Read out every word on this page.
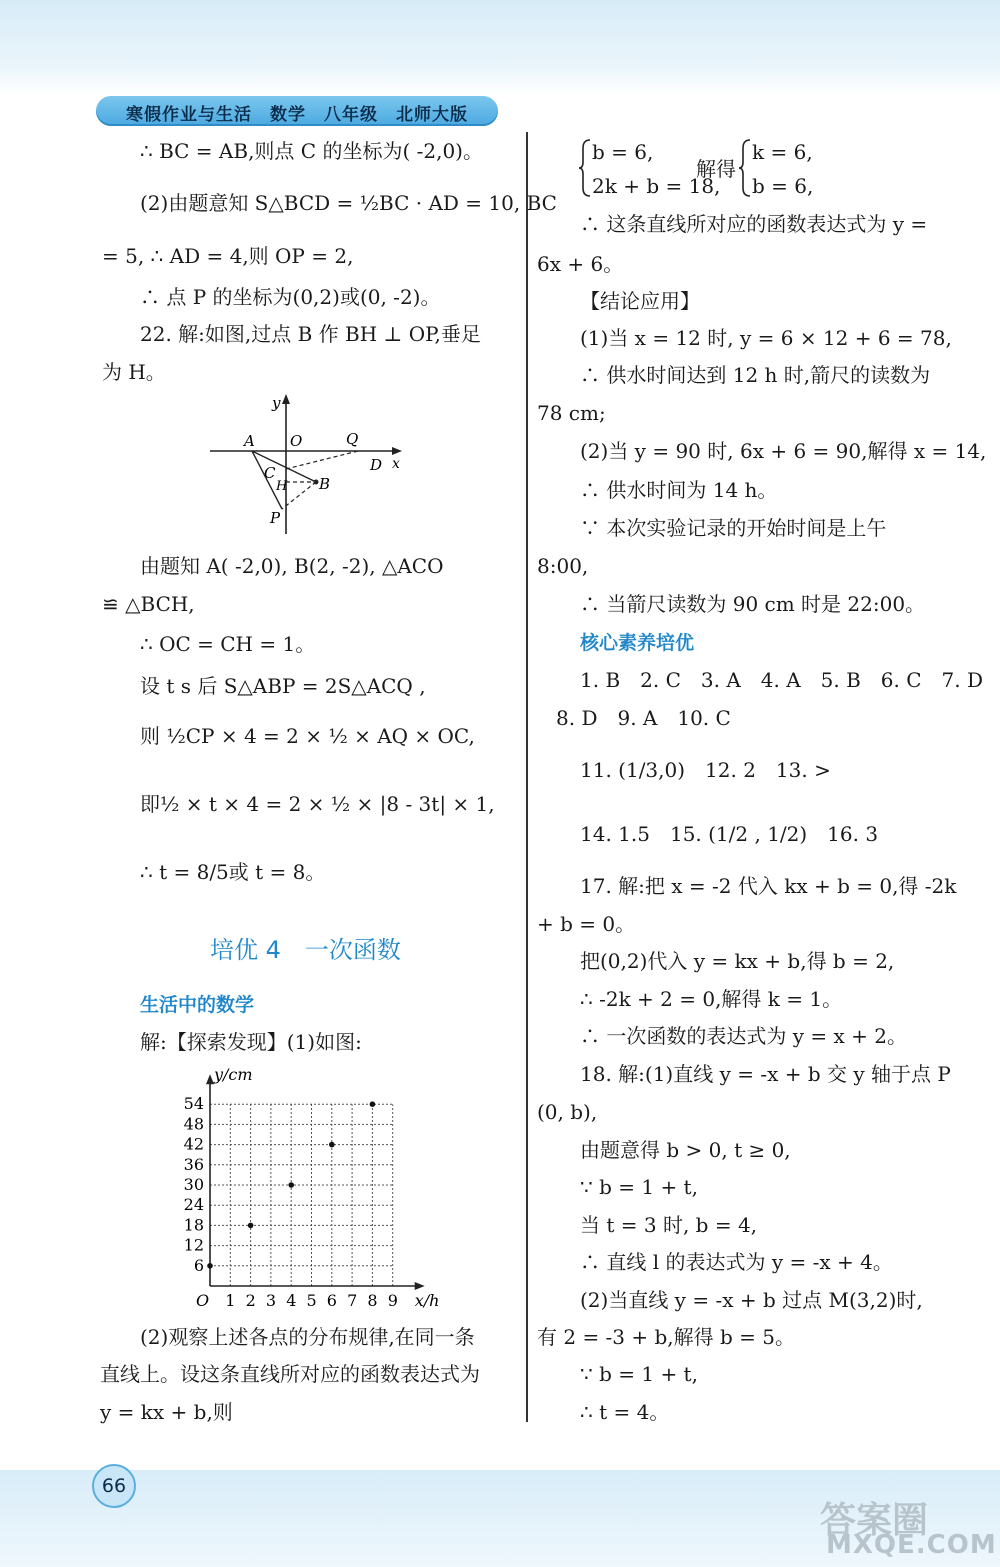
寒假作业与生活　数学　八年级　北师大版
∴ BC = AB,则点 C 的坐标为( -2,0)。
(2)由题意知 S△BCD = ½BC · AD = 10, BC
= 5, ∴ AD = 4,则 OP = 2,
∴ 点 P 的坐标为(0,2)或(0, -2)。
22. 解:如图,过点 B 作 BH ⊥ OP,垂足
为 H。
y
A O	Q
D x
C
H B
P
由题知 A( -2,0), B(2, -2), △ACO
≌ △BCH,
∴ OC = CH = 1。
设 t s 后 S△ABP = 2S△ACQ ,
则 ½CP × 4 = 2 × ½ × AQ × OC,
即½ × t × 4 = 2 × ½ × |8 - 3t| × 1,
∴ t = 8/5或 t = 8。
培优 4　一次函数
生活中的数学
解:【探索发现】(1)如图:
1 2 3 4 5 6 7 8 9
6
12
18
24
30
36
42
48
54
O	x/h
y/cm
(2)观察上述各点的分布规律,在同一条
直线上。设这条直线所对应的函数表达式为
y = kx + b,则
b = 6,
2k + b = 18,
解得
k = 6,
b = 6,
∴ 这条直线所对应的函数表达式为 y =
6x + 6。
【结论应用】
(1)当 x = 12 时, y = 6 × 12 + 6 = 78,
∴ 供水时间达到 12 h 时,箭尺的读数为
78 cm;
(2)当 y = 90 时, 6x + 6 = 90,解得 x = 14,
∴ 供水时间为 14 h。
∵ 本次实验记录的开始时间是上午
8:00,
∴ 当箭尺读数为 90 cm 时是 22:00。
核心素养培优
1. B　2. C　3. A　4. A　5. B　6. C　7. D
8. D　9. A　10. C
11. (1/3,0)　12. 2　13. >
14. 1.5　15. (1/2 , 1/2)　16. 3
17. 解:把 x = -2 代入 kx + b = 0,得 -2k
+ b = 0。
把(0,2)代入 y = kx + b,得 b = 2,
∴ -2k + 2 = 0,解得 k = 1。
∴ 一次函数的表达式为 y = x + 2。
18. 解:(1)直线 y = -x + b 交 y 轴于点 P
(0, b),
由题意得 b > 0, t ≥ 0,
∵ b = 1 + t,
当 t = 3 时, b = 4,
∴ 直线 l 的表达式为 y = -x + 4。
(2)当直线 y = -x + b 过点 M(3,2)时,
有 2 = -3 + b,解得 b = 5。
∵ b = 1 + t,
∴ t = 4。
66
答案圈
MXQE.COM
